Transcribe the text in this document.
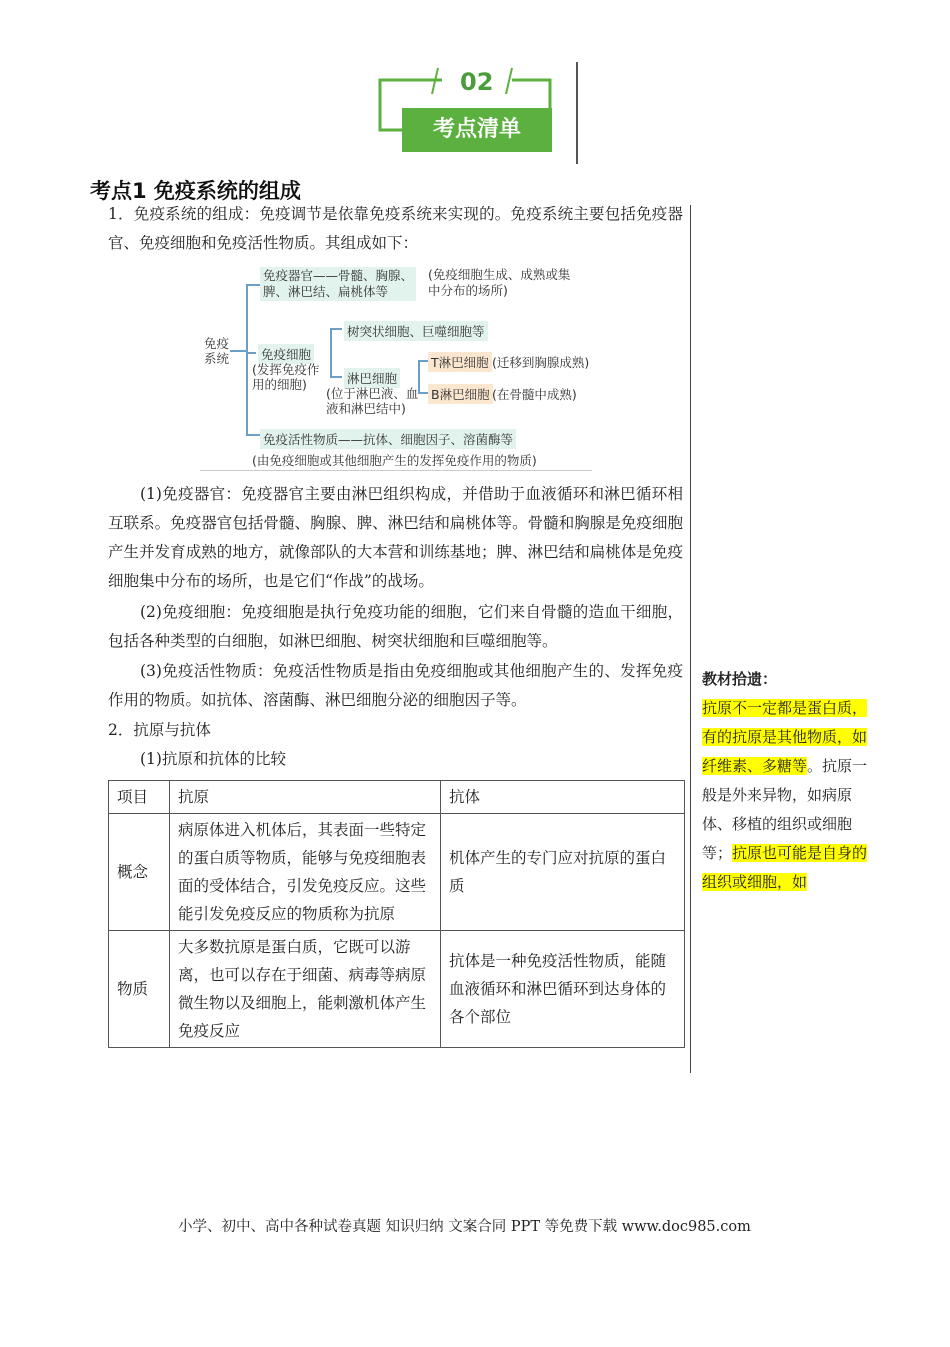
02
考点清单
考点1 免疫系统的组成
1．免疫系统的组成：免疫调节是依靠免疫系统来实现的。免疫系统主要包括免疫器官、免疫细胞和免疫活性物质。其组成如下：
免疫
系统
免疫器官——骨髓、胸腺、
脾、淋巴结、扁桃体等
(免疫细胞生成、成熟或集
中分布的场所)
免疫细胞
(发挥免疫作
用的细胞)
树突状细胞、巨噬细胞等
淋巴细胞
(位于淋巴液、血
液和淋巴结中)
T淋巴细胞 (迁移到胸腺成熟)
B淋巴细胞 (在骨髓中成熟)
免疫活性物质——抗体、细胞因子、溶菌酶等
(由免疫细胞或其他细胞产生的发挥免疫作用的物质)
(1)免疫器官：免疫器官主要由淋巴组织构成，并借助于血液循环和淋巴循环相互联系。免疫器官包括骨髓、胸腺、脾、淋巴结和扁桃体等。骨髓和胸腺是免疫细胞产生并发育成熟的地方，就像部队的大本营和训练基地；脾、淋巴结和扁桃体是免疫细胞集中分布的场所，也是它们“作战”的战场。
(2)免疫细胞：免疫细胞是执行免疫功能的细胞，它们来自骨髓的造血干细胞，包括各种类型的白细胞，如淋巴细胞、树突状细胞和巨噬细胞等。
(3)免疫活性物质：免疫活性物质是指由免疫细胞或其他细胞产生的、发挥免疫作用的物质。如抗体、溶菌酶、淋巴细胞分泌的细胞因子等。
2．抗原与抗体
(1)抗原和抗体的比较
项目	抗原	抗体
概念	病原体进入机体后，其表面一些特定的蛋白质等物质，能够与免疫细胞表面的受体结合，引发免疫反应。这些能引发免疫反应的物质称为抗原	机体产生的专门应对抗原的蛋白质
物质	大多数抗原是蛋白质，它既可以游离，也可以存在于细菌、病毒等病原微生物以及细胞上，能刺激机体产生免疫反应	抗体是一种免疫活性物质，能随血液循环和淋巴循环到达身体的各个部位
教材拾遗：
抗原不一定都是蛋白质，有的抗原是其他物质，如纤维素、多糖等。抗原一般是外来异物，如病原体、移植的组织或细胞等；抗原也可能是自身的组织或细胞，如
小学、初中、高中各种试卷真题 知识归纳 文案合同 PPT 等免费下载 www.doc985.com
